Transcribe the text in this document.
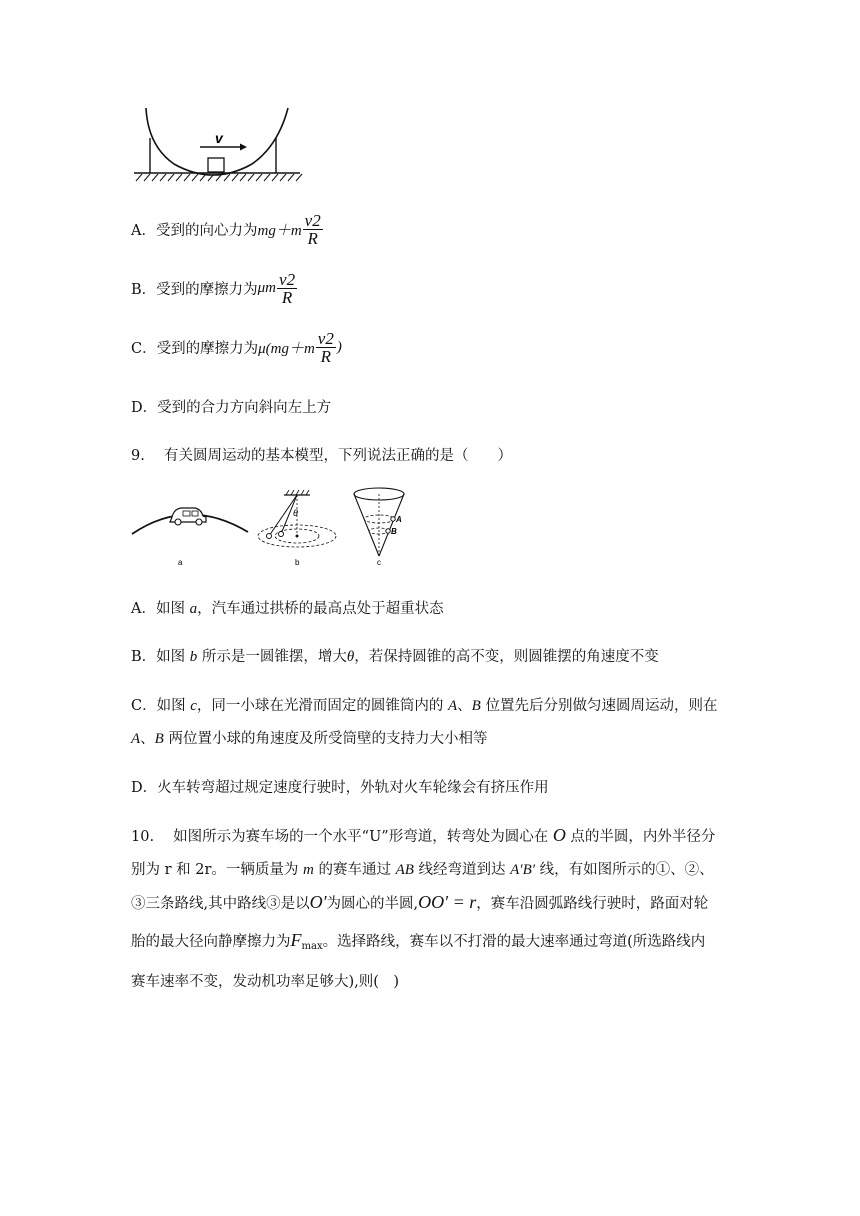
v
A．受到的向心力为$mg+m \frac{v2}{R}$
B．受到的摩擦力为μm $\frac{v2}{R}$
C．受到的摩擦力为$\mu(mg+m \frac{v2}{R}$ )
D．受到的合力方向斜向左上方
9.  有关圆周运动的基本模型，下列说法正确的是（　　）
a
θ
b
A
B
c
A．如图 a，汽车通过拱桥的最高点处于超重状态
B．如图 b 所示是一圆锥摆，增大θ，若保持圆锥的高不变，则圆锥摆的角速度不变
C．如图 c，同一小球在光滑而固定的圆锥筒内的 A、B 位置先后分别做匀速圆周运动，则在
A、B 两位置小球的角速度及所受筒壁的支持力大小相等
D．火车转弯超过规定速度行驶时，外轨对火车轮缘会有挤压作用
10.  如图所示为赛车场的一个水平“U”形弯道，转弯处为圆心在 O 点的半圆，内外半径分
别为 r 和 2r。一辆质量为 m 的赛车通过 AB 线经弯道到达 A′B′ 线，有如图所示的①、②、
③三条路线,其中路线③是以O′为圆心的半圆,OO′ = r，赛车沿圆弧路线行驶时，路面对轮
胎的最大径向静摩擦力为$F_{max}$。选择路线，赛车以不打滑的最大速率通过弯道(所选路线内
赛车速率不变，发动机功率足够大),则(　)
